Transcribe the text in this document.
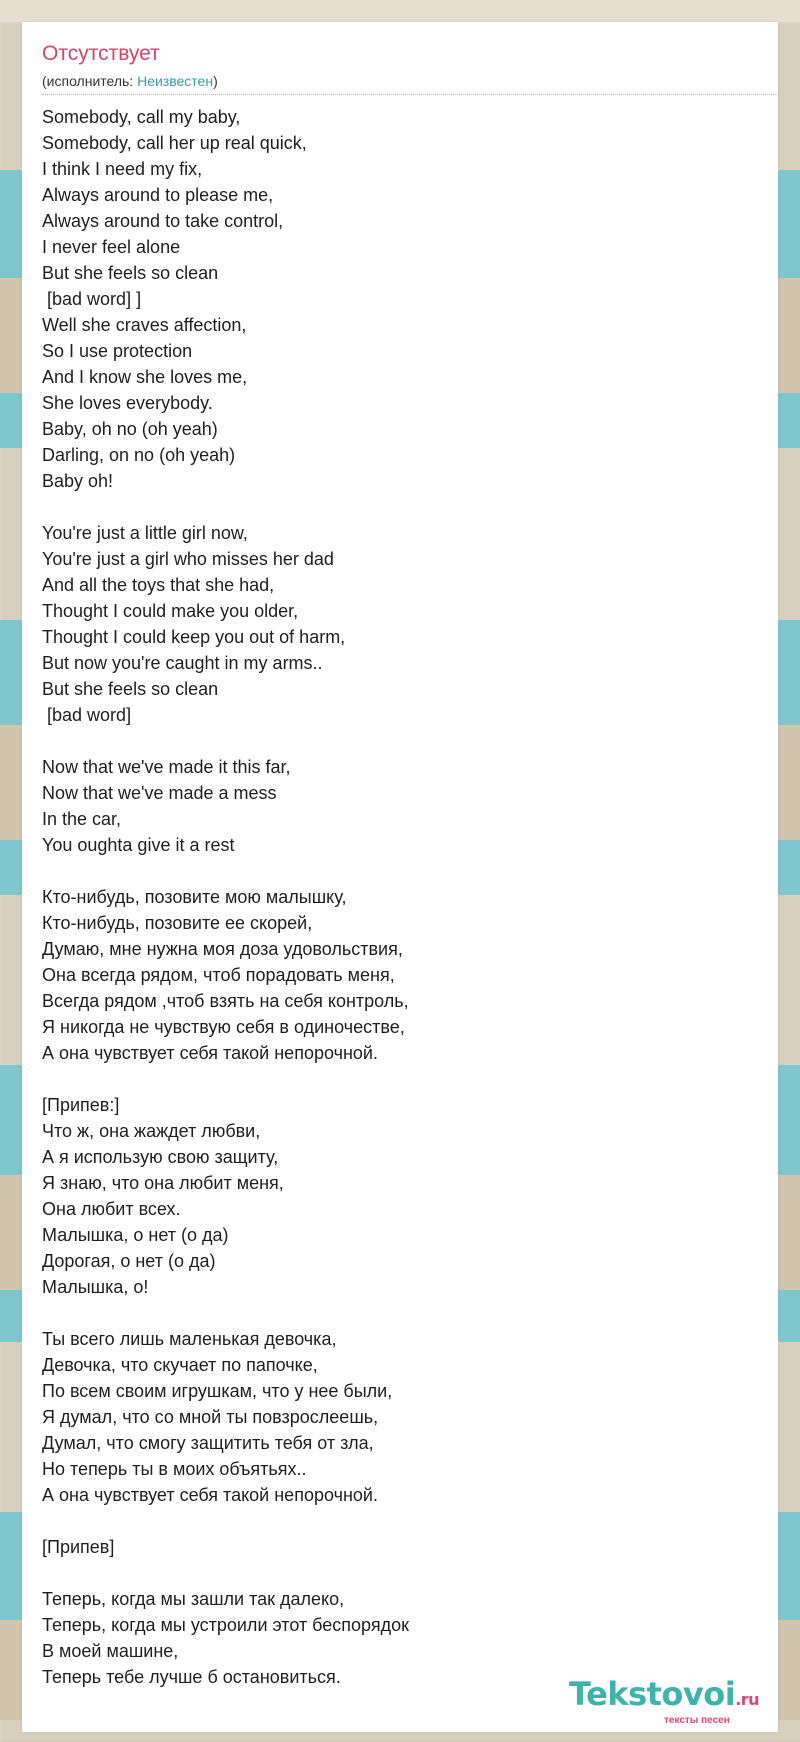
Отсутствует
(исполнитель: Неизвестен)
Somebody, call my baby,
Somebody, call her up real quick,
I think I need my fix,
Always around to please me,
Always around to take control,
I never feel alone
But she feels so clean
[bad word] ]
Well she craves affection,
So I use protection
And I know she loves me,
She loves everybody.
Baby, oh no (oh yeah)
Darling, on no (oh yeah)
Baby oh!

You're just a little girl now,
You're just a girl who misses her dad
And all the toys that she had,
Thought I could make you older,
Thought I could keep you out of harm,
But now you're caught in my arms..
But she feels so clean
[bad word]

Now that we've made it this far,
Now that we've made a mess
In the car,
You oughta give it a rest

Кто-нибудь, позовите мою малышку,
Кто-нибудь, позовите ее скорей,
Думаю, мне нужна моя доза удовольствия,
Она всегда рядом, чтоб порадовать меня,
Всегда рядом ,чтоб взять на себя контроль,
Я никогда не чувствую себя в одиночестве,
А она чувствует себя такой непорочной.

[Припев:]
Что ж, она жаждет любви,
А я использую свою защиту,
Я знаю, что она любит меня,
Она любит всех.
Малышка, о нет (о да)
Дорогая, о нет (о да)
Малышка, о!

Ты всего лишь маленькая девочка,
Девочка, что скучает по папочке,
По всем своим игрушкам, что у нее были,
Я думал, что со мной ты повзрослеешь,
Думал, что смогу защитить тебя от зла,
Но теперь ты в моих объятьях..
А она чувствует себя такой непорочной.

[Припев]

Теперь, когда мы зашли так далеко,
Теперь, когда мы устроили этот беспорядок
В моей машине,
Теперь тебе лучше б остановиться.	Tekstovoi.ru
тексты песен
